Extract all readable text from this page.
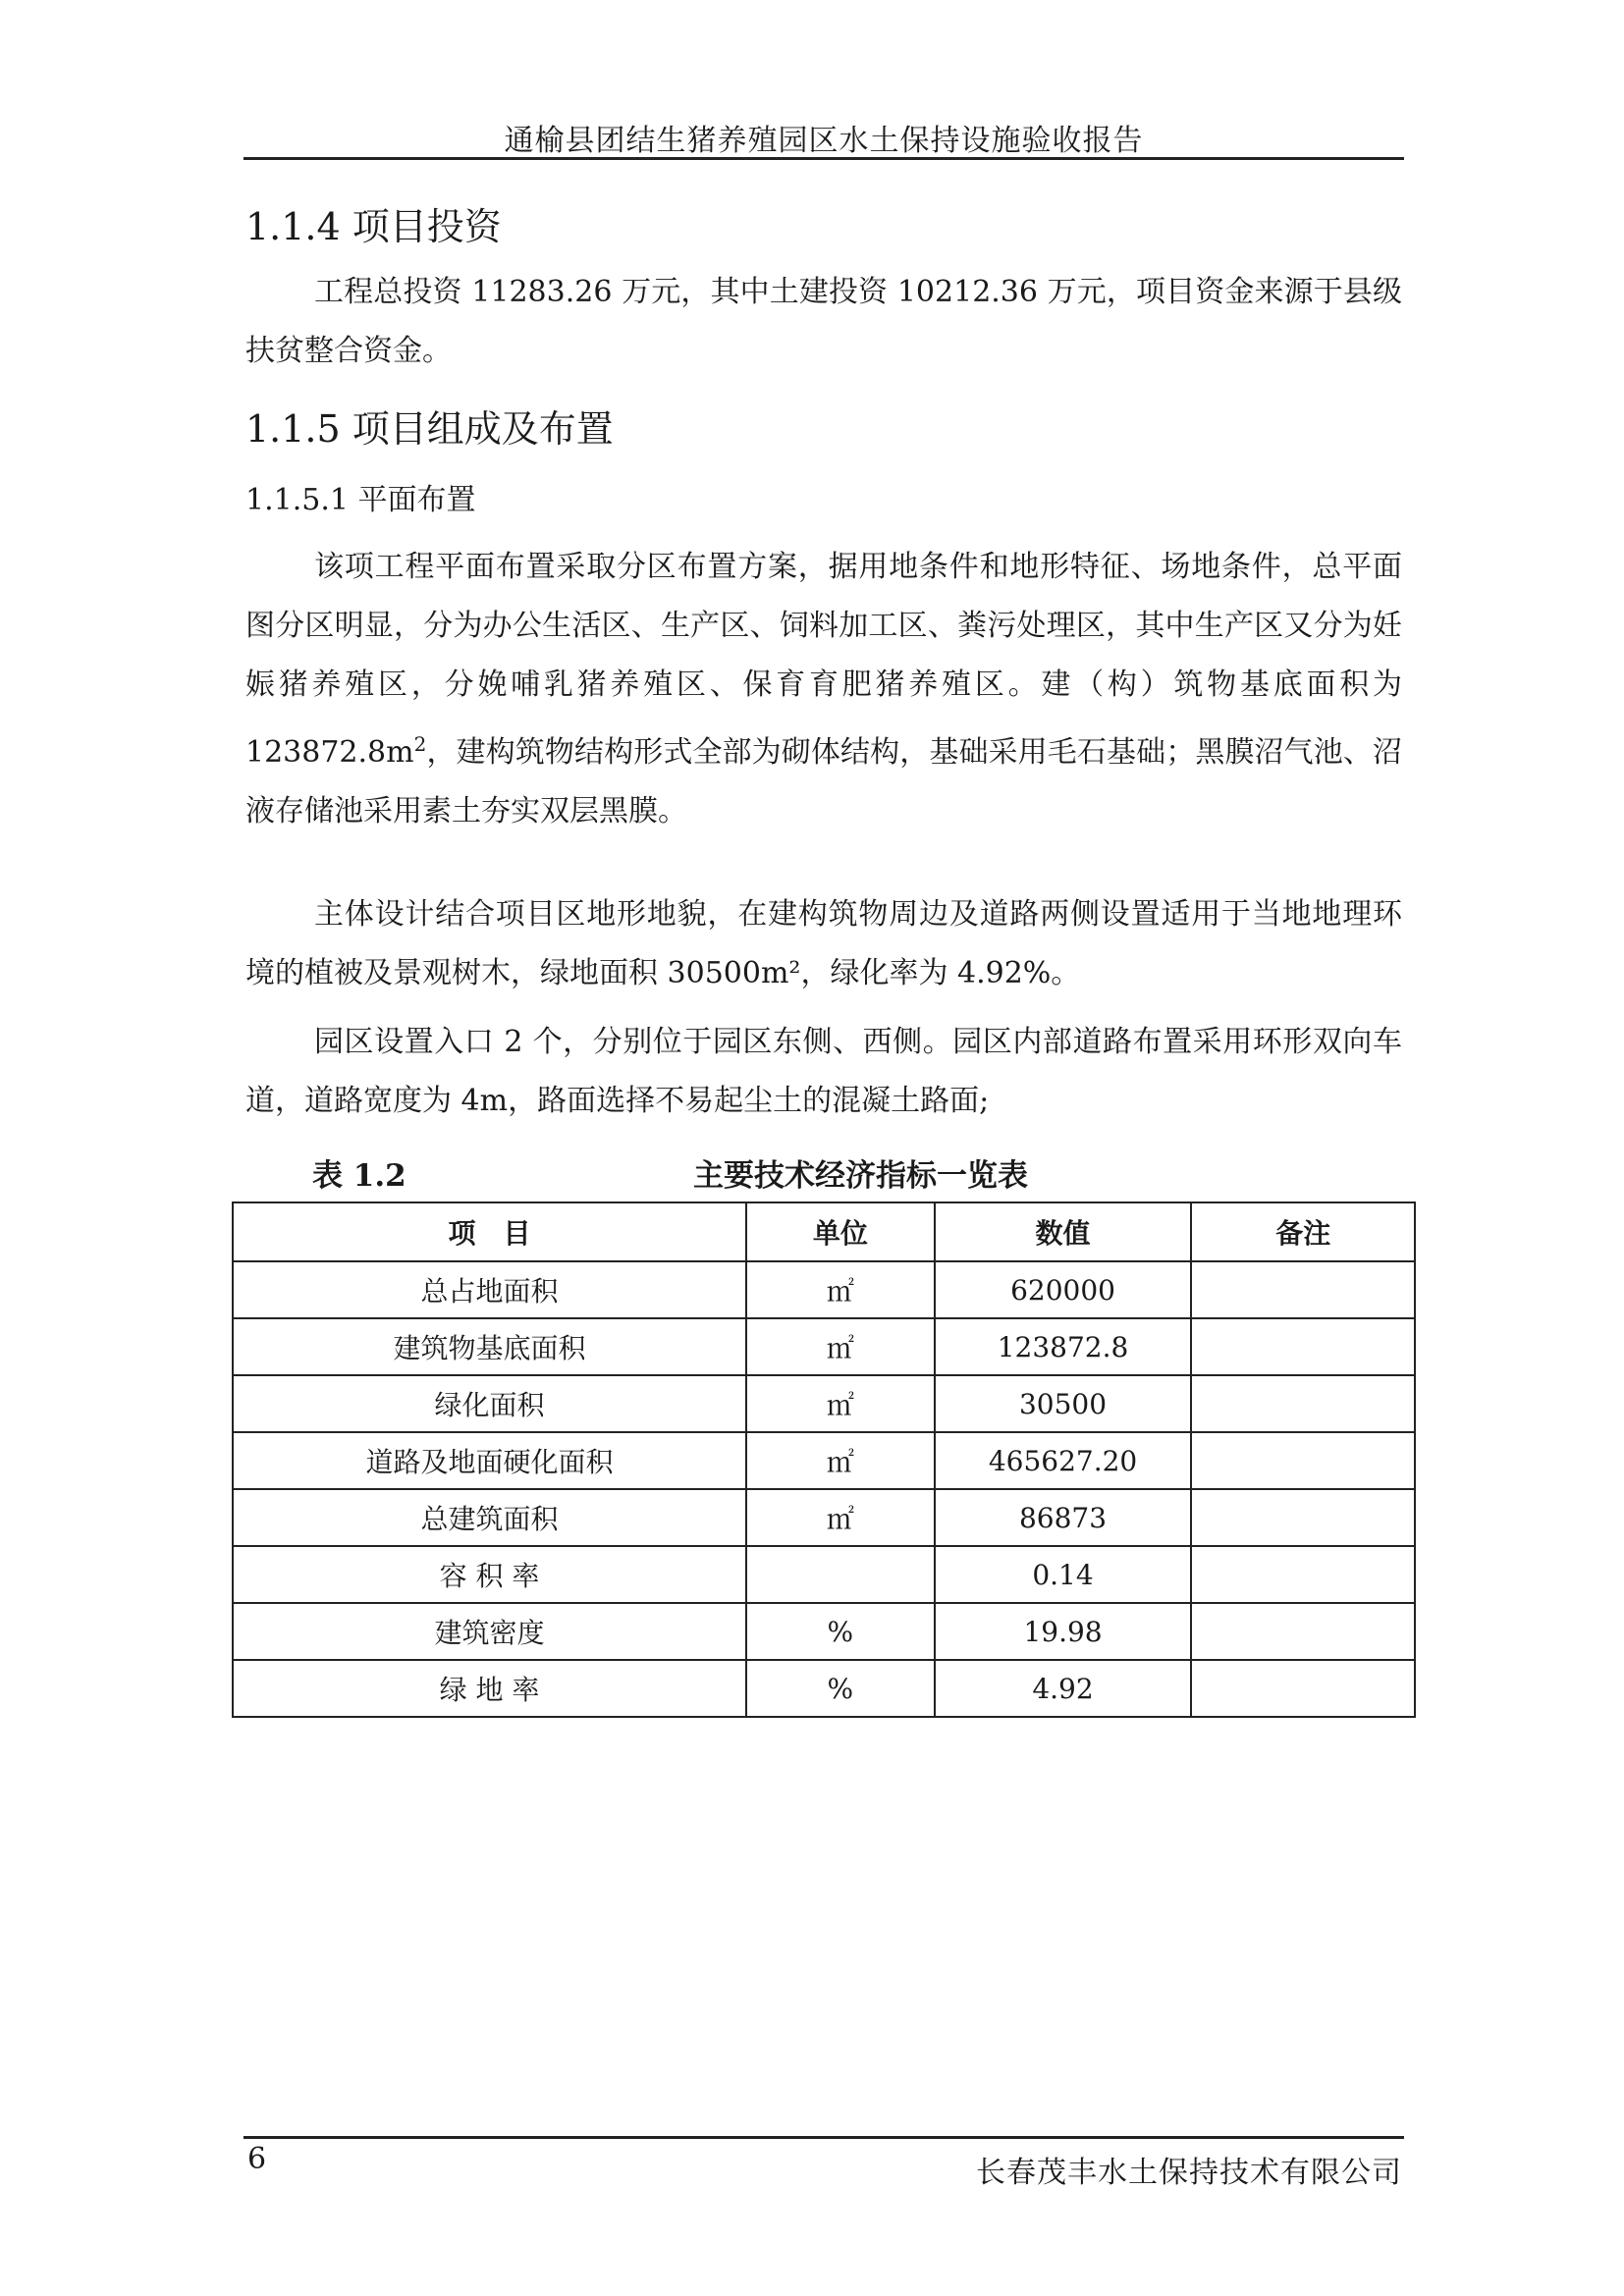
通榆县团结生猪养殖园区水土保持设施验收报告
1.1.4 项目投资
工程总投资 11283.26 万元，其中土建投资 10212.36 万元，项目资金来源于县级扶贫整合资金。
1.1.5 项目组成及布置
1.1.5.1 平面布置
该项工程平面布置采取分区布置方案，据用地条件和地形特征、场地条件，总平面图分区明显，分为办公生活区、生产区、饲料加工区、粪污处理区，其中生产区又分为妊娠猪养殖区，分娩哺乳猪养殖区、保育育肥猪养殖区。建（构）筑物基底面积为 $123872.8m^2$，建构筑物结构形式全部为砌体结构，基础采用毛石基础；黑膜沼气池、沼液存储池采用素土夯实双层黑膜。
主体设计结合项目区地形地貌，在建构筑物周边及道路两侧设置适用于当地地理环境的植被及景观树木，绿地面积 30500m²，绿化率为 4.92%。
园区设置入口 2 个，分别位于园区东侧、西侧。园区内部道路布置采用环形双向车道，道路宽度为 4m，路面选择不易起尘土的混凝土路面;
表 1.2	主要技术经济指标一览表
项　目	单位	数值	备注
总占地面积	㎡	620000	
建筑物基底面积	㎡	123872.8	
绿化面积	㎡	30500	
道路及地面硬化面积	㎡	465627.20	
总建筑面积	㎡	86873	
容 积 率		0.14	
建筑密度	%	19.98	
绿 地 率	%	4.92	
6	长春茂丰水土保持技术有限公司
